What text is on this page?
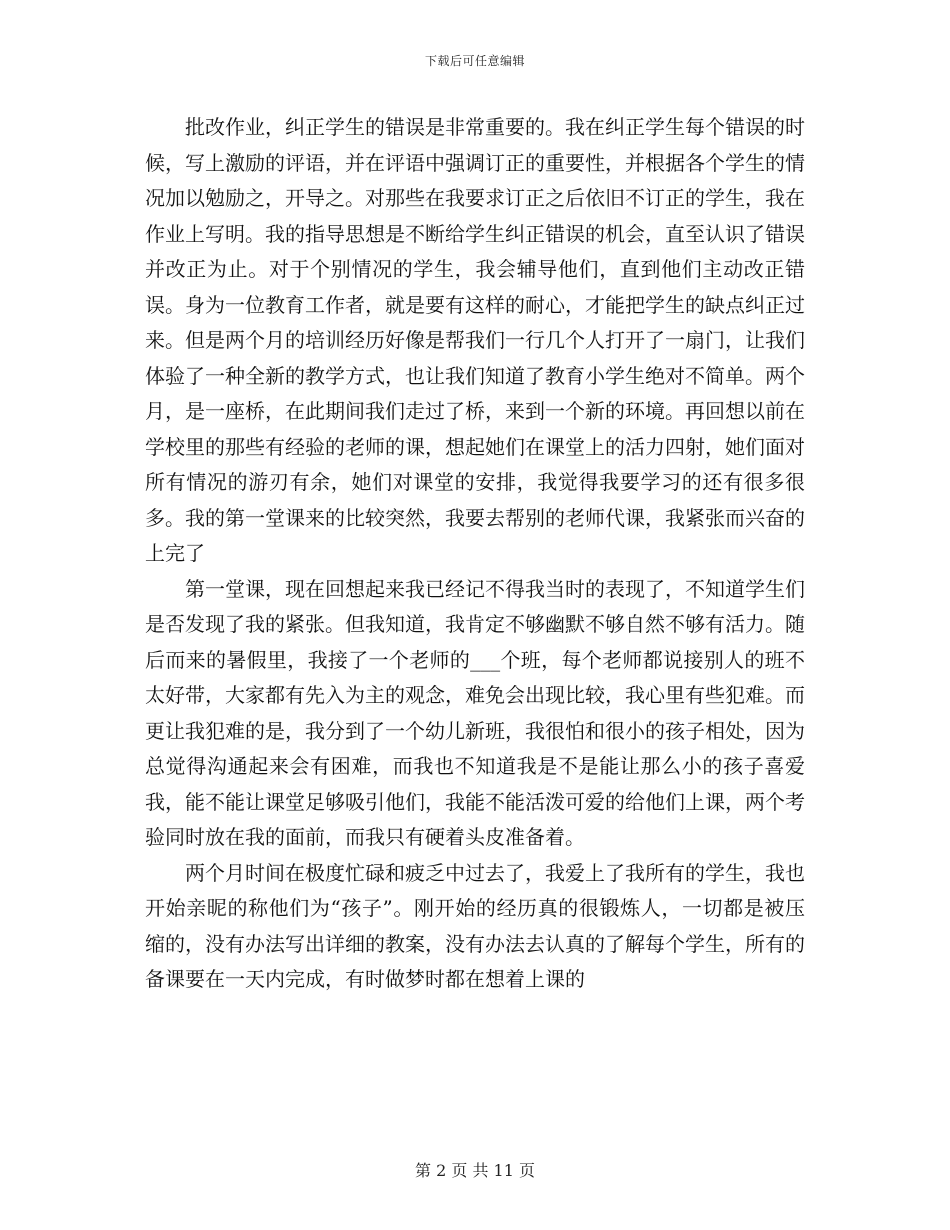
下载后可任意编辑

批改作业，纠正学生的错误是非常重要的。我在纠正学生每个错误的时候，写上激励的评语，并在评语中强调订正的重要性，并根据各个学生的情况加以勉励之，开导之。对那些在我要求订正之后依旧不订正的学生，我在作业上写明。我的指导思想是不断给学生纠正错误的机会，直至认识了错误并改正为止。对于个别情况的学生，我会辅导他们，直到他们主动改正错误。身为一位教育工作者，就是要有这样的耐心，才能把学生的缺点纠正过来。但是两个月的培训经历好像是帮我们一行几个人打开了一扇门，让我们体验了一种全新的教学方式，也让我们知道了教育小学生绝对不简单。两个月，是一座桥，在此期间我们走过了桥，来到一个新的环境。再回想以前在学校里的那些有经验的老师的课，想起她们在课堂上的活力四射，她们面对所有情况的游刃有余，她们对课堂的安排，我觉得我要学习的还有很多很多。我的第一堂课来的比较突然，我要去帮别的老师代课，我紧张而兴奋的上完了

第一堂课，现在回想起来我已经记不得我当时的表现了，不知道学生们是否发现了我的紧张。但我知道，我肯定不够幽默不够自然不够有活力。随后而来的暑假里，我接了一个老师的___个班，每个老师都说接别人的班不太好带，大家都有先入为主的观念，难免会出现比较，我心里有些犯难。而更让我犯难的是，我分到了一个幼儿新班，我很怕和很小的孩子相处，因为总觉得沟通起来会有困难，而我也不知道我是不是能让那么小的孩子喜爱我，能不能让课堂足够吸引他们，我能不能活泼可爱的给他们上课，两个考验同时放在我的面前，而我只有硬着头皮准备着。

两个月时间在极度忙碌和疲乏中过去了，我爱上了我所有的学生，我也开始亲昵的称他们为“孩子”。刚开始的经历真的很锻炼人，一切都是被压缩的，没有办法写出详细的教案，没有办法去认真的了解每个学生，所有的备课要在一天内完成，有时做梦时都在想着上课的

第 2 页 共 11 页
